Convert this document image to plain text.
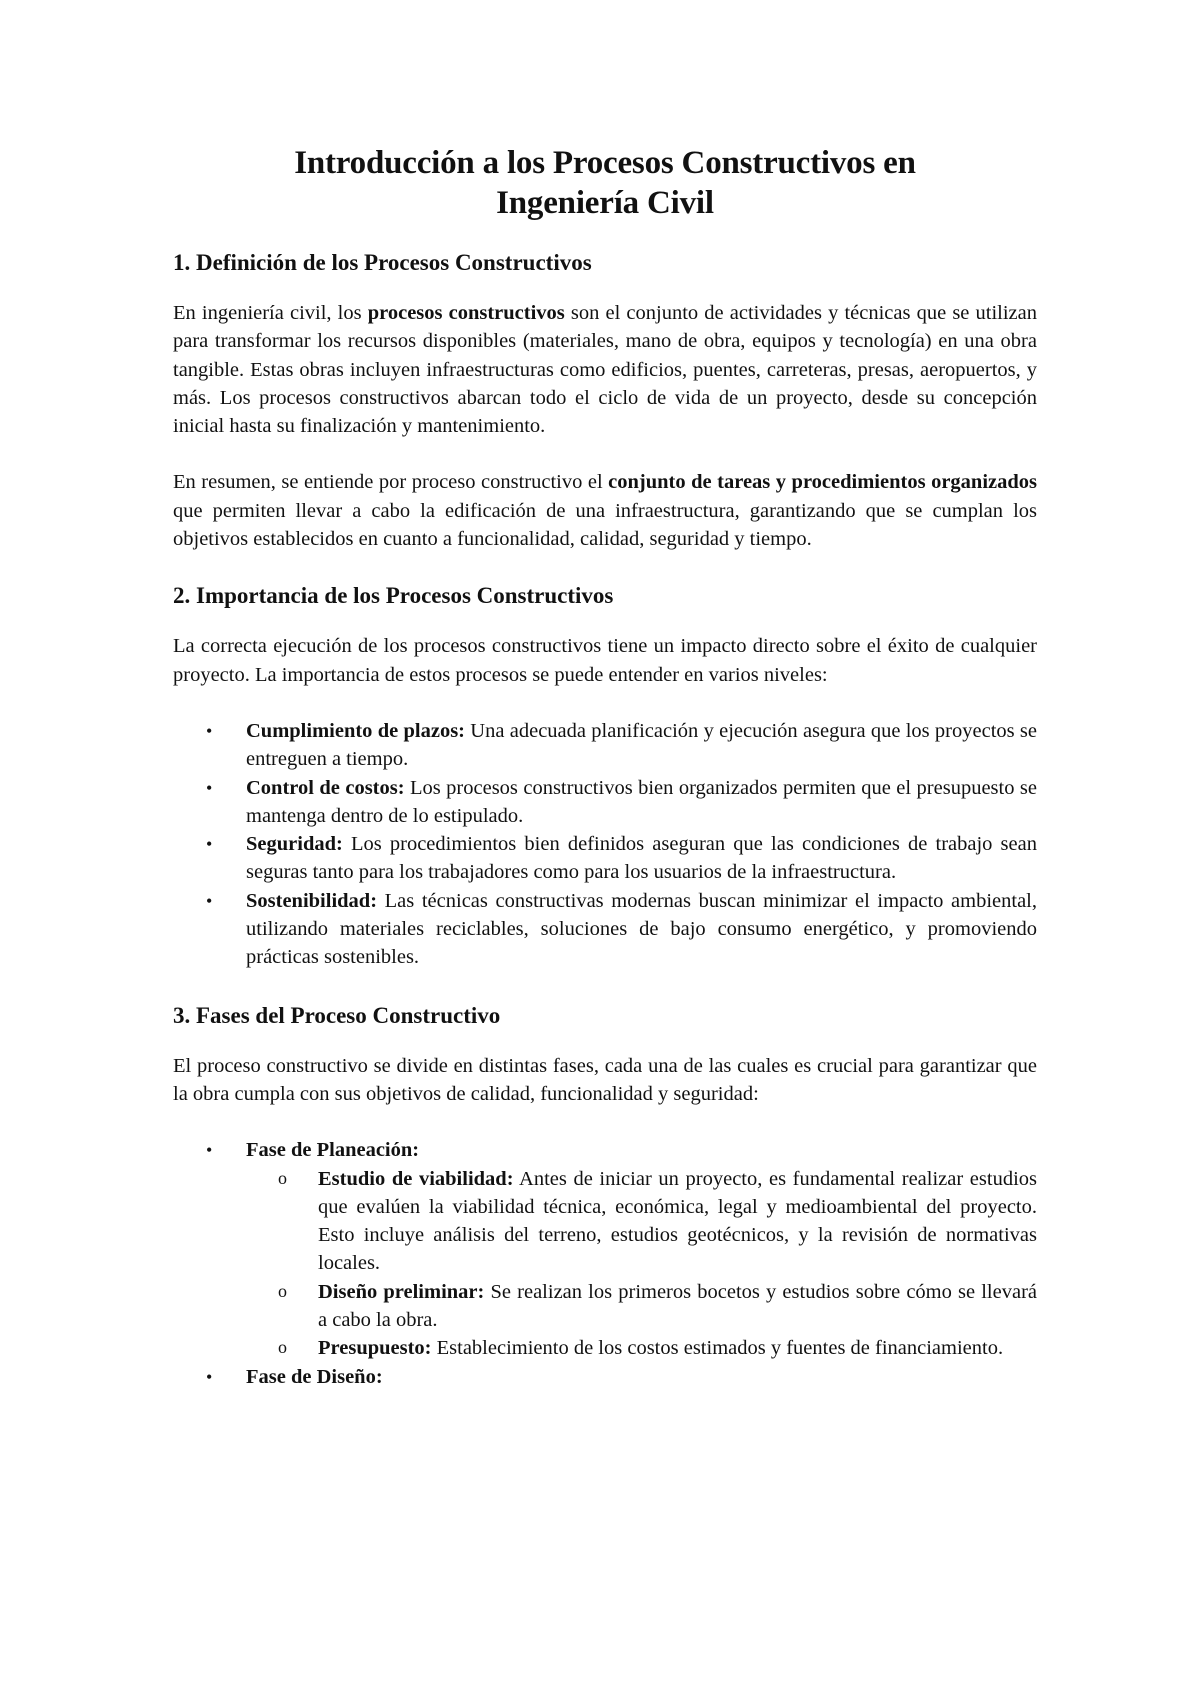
Introducción a los Procesos Constructivos en
Ingeniería Civil
1. Definición de los Procesos Constructivos

En ingeniería civil, los procesos constructivos son el conjunto de actividades y técnicas que se utilizan para transformar los recursos disponibles (materiales, mano de obra, equipos y tecnología) en una obra tangible. Estas obras incluyen infraestructuras como edificios, puentes, carreteras, presas, aeropuertos, y más. Los procesos constructivos abarcan todo el ciclo de vida de un proyecto, desde su concepción inicial hasta su finalización y mantenimiento.

En resumen, se entiende por proceso constructivo el conjunto de tareas y procedimientos organizados que permiten llevar a cabo la edificación de una infraestructura, garantizando que se cumplan los objetivos establecidos en cuanto a funcionalidad, calidad, seguridad y tiempo.

2. Importancia de los Procesos Constructivos

La correcta ejecución de los procesos constructivos tiene un impacto directo sobre el éxito de cualquier proyecto. La importancia de estos procesos se puede entender en varios niveles:

• Cumplimiento de plazos: Una adecuada planificación y ejecución asegura que los proyectos se entreguen a tiempo.
• Control de costos: Los procesos constructivos bien organizados permiten que el presupuesto se mantenga dentro de lo estipulado.
• Seguridad: Los procedimientos bien definidos aseguran que las condiciones de trabajo sean seguras tanto para los trabajadores como para los usuarios de la infraestructura.
• Sostenibilidad: Las técnicas constructivas modernas buscan minimizar el impacto ambiental, utilizando materiales reciclables, soluciones de bajo consumo energético, y promoviendo prácticas sostenibles.
3. Fases del Proceso Constructivo

El proceso constructivo se divide en distintas fases, cada una de las cuales es crucial para garantizar que la obra cumpla con sus objetivos de calidad, funcionalidad y seguridad:

• Fase de Planeación:
o Estudio de viabilidad: Antes de iniciar un proyecto, es fundamental realizar estudios que evalúen la viabilidad técnica, económica, legal y medioambiental del proyecto. Esto incluye análisis del terreno, estudios geotécnicos, y la revisión de normativas locales.
o Diseño preliminar: Se realizan los primeros bocetos y estudios sobre cómo se llevará a cabo la obra.
o Presupuesto: Establecimiento de los costos estimados y fuentes de financiamiento.
• Fase de Diseño:
